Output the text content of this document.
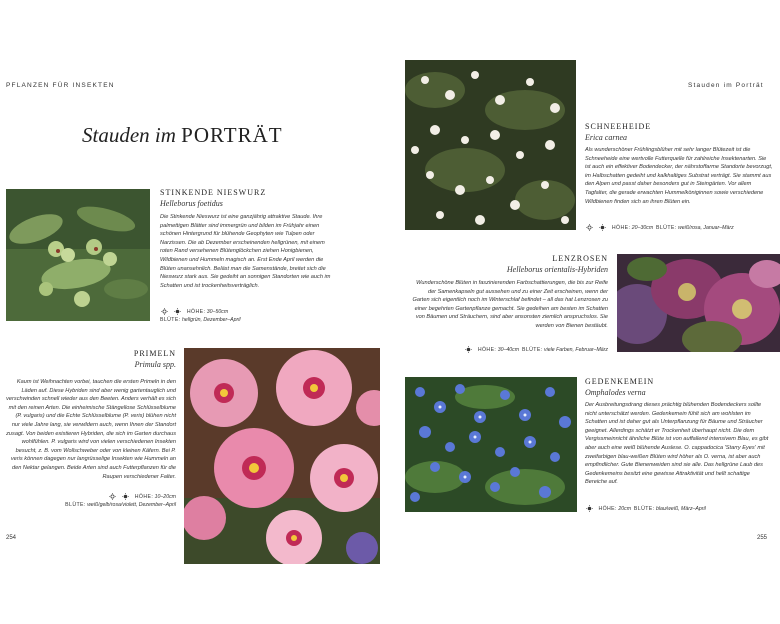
PFLANZEN FÜR INSEKTEN
Stauden im PORTRÄT
STINKENDE NIESWURZ
Helleborus foetidus
Die Stinkende Nieswurz ist eine ganzjährig attraktive Staude. Ihre palmettigen Blätter sind immergrün und bilden im Frühjahr einen schönen Hintergrund für blühende Geophyten wie Tulpen oder Narzissen. Die ab Dezember erscheinenden hellgrünen, mit einem roten Rand versehenen Blütenglöckchen ziehen Honigbienen, Wildbienen und Hummeln magisch an. Erst Ende April werden die Blüten unansehnlich. Beläst man die Samenstände, breitet sich die Nieswurz stark aus. Sie gedeiht an sonnigen Standorten wie auch im Schatten und ist trockenheitsverträglich.
HÖHE: 30–50cm
BLÜTE: hellgrün, Dezember–April
PRIMELN
Primula spp.
Kaum ist Weihnachten vorbei, tauchen die ersten Primeln in den Läden auf. Diese Hybriden sind aber wenig gartentauglich und verschwinden schnell wieder aus den Beeten. Anders verhält es sich mit den reinen Arten. Die einheimische Stängellose Schlüsselblume (P. vulgaris) und die Echte Schlüsselblume (P. veris) blühen nicht nur viele Jahre lang, sie verwildern auch, wenn Ihnen der Standort zusagt. Von beiden existieren Hybriden, die sich im Garten durchaus wohlfühlen. P. vulgaris wird von vielen verschiedenen Insekten besucht, z. B. vom Wollschweber oder von kleinen Käfern. Bei P. veris können dagegen nur langrüsselige Insekten wie Hummeln an den Nektar gelangen. Beide Arten sind auch Futterpflanzen für die Raupen verschiedener Falter.
HÖHE: 10–20cm
BLÜTE: weiß/gelb/rosa/violett, Dezember–April
254
Stauden im Porträt
SCHNEEHEIDE
Erica carnea
Als wunderschöner Frühlingsblüher mit sehr langer Blütezeit ist die Schneeheide eine wertvolle Futterquelle für zahlreiche Insektenarten. Sie ist auch ein effektiver Bodendecker, der nährstoffarme Standorte bevorzugt, im Halbschatten gedeiht und kalkhaltiges Substrat verträgt. Sie stammt aus den Alpen und passt daher besonders gut in Steingärten. Vor allem Tagfalter, die gerade erwachten Hummelköniginnen sowie verschiedene Wildbienen finden sich an ihren Blüten ein.
HÖHE: 20–30cm BLÜTE: weiß/rosa, Januar–März
LENZROSEN
Helleborus orientalis-Hybriden
Wunderschöne Blüten in faszinierenden Farbschattierungen, die bis zur Reife der Samenkapseln gut aussehen und zu einer Zeit erscheinen, wenn der Garten sich eigentlich noch im Winterschlaf befindet – all das hat Lenzrosen zu einer begehrten Gartenpflanze gemacht. Sie gedeihen am besten im Schatten von Bäumen und Sträuchern, sind aber ansonsten ziemlich anspruchslos. Sie werden von Bienen bestäubt.
HÖHE: 30–40cm BLÜTE: viele Farben, Februar–März
GEDENKEMEIN
Omphalodes verna
Der Ausbreitungsdrang dieses prächtig blühenden Bodendeckers sollte nicht unterschätzt werden. Gedenkemein fühlt sich am wohlsten im Schatten und ist daher gut als Unterpflanzung für Bäume und Sträucher geeignet. Allerdings schätzt er Trockenheit überhaupt nicht. Die dem Vergissmeinnicht ähnliche Blüte ist von auffallend intensivem Blau, es gibt aber auch eine weiß blühende Auslese. O. cappadocica 'Starry Eyes' mit zweifarbigen blau-weißen Blüten wird höher als O. verna, ist aber auch empfindlicher. Gute Bienenweiden sind sie alle. Das hellgrüne Laub des Gedenkemeins besitzt eine gewisse Attraktivität und hellt schattige Bereiche auf.
HÖHE: 20cm BLÜTE: blau/weiß, März–April
255
